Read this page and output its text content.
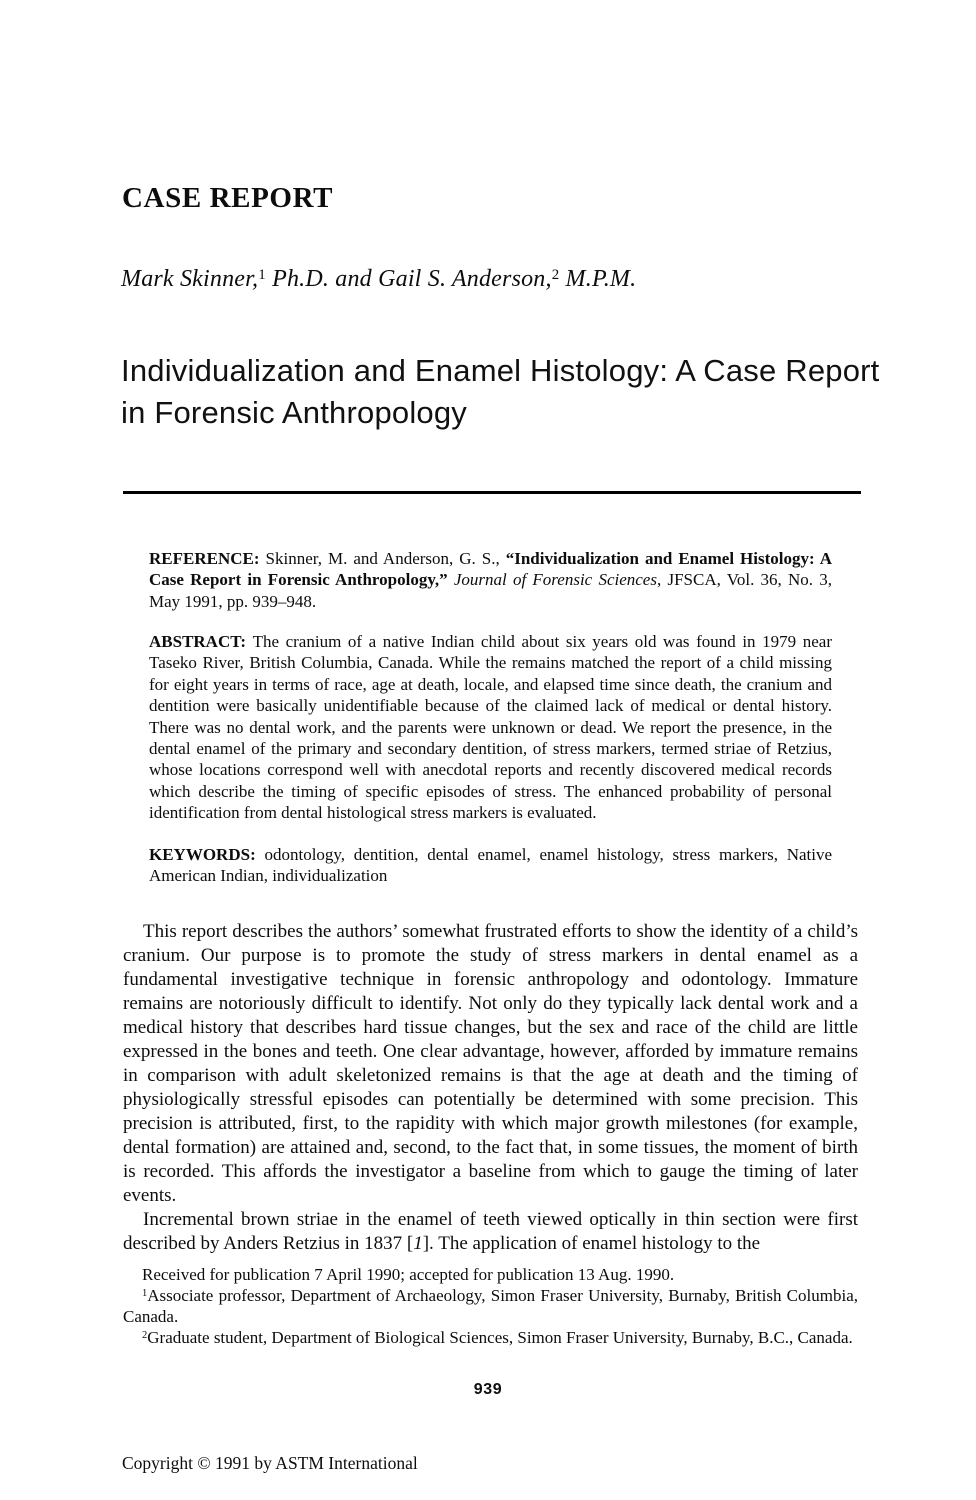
CASE REPORT
Mark Skinner,$^1$ Ph.D. and Gail S. Anderson,$^2$ M.P.M.
Individualization and Enamel Histology: A Case Report
in Forensic Anthropology
REFERENCE: Skinner, M. and Anderson, G. S., “Individualization and Enamel Histology: A Case Report in Forensic Anthropology,” Journal of Forensic Sciences, JFSCA, Vol. 36, No. 3, May 1991, pp. 939–948.
ABSTRACT: The cranium of a native Indian child about six years old was found in 1979 near Taseko River, British Columbia, Canada. While the remains matched the report of a child missing for eight years in terms of race, age at death, locale, and elapsed time since death, the cranium and dentition were basically unidentifiable because of the claimed lack of medical or dental history. There was no dental work, and the parents were unknown or dead. We report the presence, in the dental enamel of the primary and secondary dentition, of stress markers, termed striae of Retzius, whose locations correspond well with anecdotal reports and recently discovered medical records which describe the timing of specific episodes of stress. The enhanced probability of personal identification from dental histological stress markers is evaluated.
KEYWORDS: odontology, dentition, dental enamel, enamel histology, stress markers, Native American Indian, individualization

This report describes the authors’ somewhat frustrated efforts to show the identity of a child’s cranium. Our purpose is to promote the study of stress markers in dental enamel as a fundamental investigative technique in forensic anthropology and odontology. Immature remains are notoriously difficult to identify. Not only do they typically lack dental work and a medical history that describes hard tissue changes, but the sex and race of the child are little expressed in the bones and teeth. One clear advantage, however, afforded by immature remains in comparison with adult skeletonized remains is that the age at death and the timing of physiologically stressful episodes can potentially be determined with some precision. This precision is attributed, first, to the rapidity with which major growth milestones (for example, dental formation) are attained and, second, to the fact that, in some tissues, the moment of birth is recorded. This affords the investigator a baseline from which to gauge the timing of later events.

Incremental brown striae in the enamel of teeth viewed optically in thin section were first described by Anders Retzius in 1837 [1]. The application of enamel histology to the

Received for publication 7 April 1990; accepted for publication 13 Aug. 1990.

$^1$Associate professor, Department of Archaeology, Simon Fraser University, Burnaby, British Columbia, Canada.

$^2$Graduate student, Department of Biological Sciences, Simon Fraser University, Burnaby, B.C., Canada.

939
Copyright © 1991 by ASTM International
